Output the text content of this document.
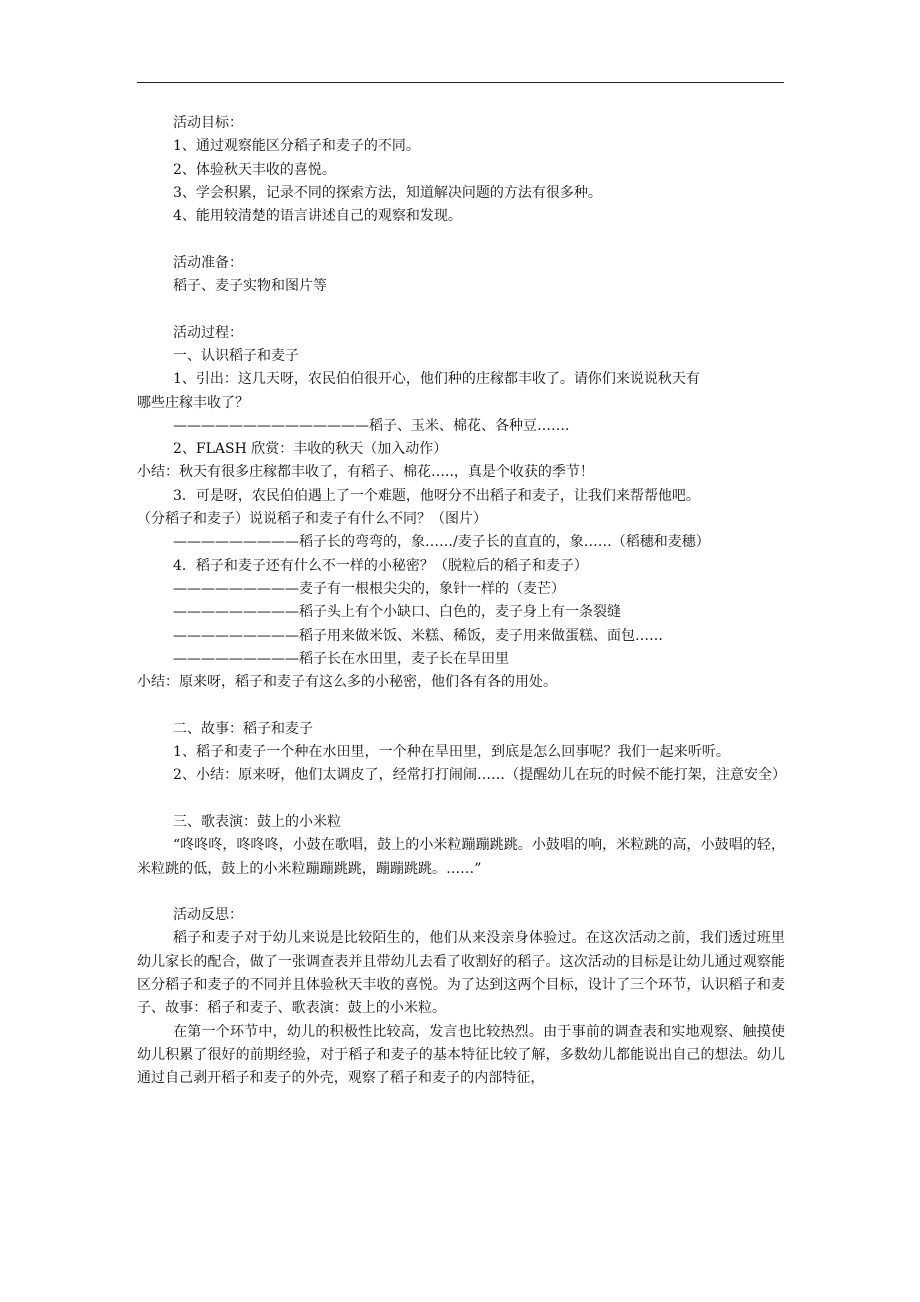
活动目标：

1、通过观察能区分稻子和麦子的不同。

2、体验秋天丰收的喜悦。

3、学会积累，记录不同的探索方法，知道解决问题的方法有很多种。

4、能用较清楚的语言讲述自己的观察和发现。

活动准备：

稻子、麦子实物和图片等

活动过程：

一、认识稻子和麦子

1、引出：这几天呀，农民伯伯很开心，他们种的庄稼都丰收了。请你们来说说秋天有

哪些庄稼丰收了？

——————————————稻子、玉米、棉花、各种豆…….

2、FLASH 欣赏：丰收的秋天（加入动作）

小结：秋天有很多庄稼都丰收了，有稻子、棉花…..，真是个收获的季节！

3．可是呀，农民伯伯遇上了一个难题，他呀分不出稻子和麦子，让我们来帮帮他吧。

（分稻子和麦子）说说稻子和麦子有什么不同？（图片）

—————————稻子长的弯弯的，象……/麦子长的直直的，象……（稻穗和麦穗）

4．稻子和麦子还有什么不一样的小秘密？（脱粒后的稻子和麦子）

—————————麦子有一根根尖尖的，象针一样的（麦芒）

—————————稻子头上有个小缺口、白色的，麦子身上有一条裂缝

—————————稻子用来做米饭、米糕、稀饭，麦子用来做蛋糕、面包……

—————————稻子长在水田里，麦子长在旱田里

小结：原来呀，稻子和麦子有这么多的小秘密，他们各有各的用处。

二、故事：稻子和麦子

1、稻子和麦子一个种在水田里，一个种在旱田里，到底是怎么回事呢？我们一起来听听。

2、小结：原来呀，他们太调皮了，经常打打闹闹……（提醒幼儿在玩的时候不能打架，注意安全）

三、歌表演：鼓上的小米粒

“咚咚咚，咚咚咚，小鼓在歌唱，鼓上的小米粒蹦蹦跳跳。小鼓唱的响，米粒跳的高，小鼓唱的轻，米粒跳的低，鼓上的小米粒蹦蹦跳跳，蹦蹦跳跳。……”

活动反思：

稻子和麦子对于幼儿来说是比较陌生的，他们从来没亲身体验过。在这次活动之前，我们透过班里幼儿家长的配合，做了一张调查表并且带幼儿去看了收割好的稻子。这次活动的目标是让幼儿通过观察能区分稻子和麦子的不同并且体验秋天丰收的喜悦。为了达到这两个目标，设计了三个环节，认识稻子和麦子、故事：稻子和麦子、歌表演：鼓上的小米粒。

在第一个环节中，幼儿的积极性比较高，发言也比较热烈。由于事前的调查表和实地观察、触摸使幼儿积累了很好的前期经验，对于稻子和麦子的基本特征比较了解，多数幼儿都能说出自己的想法。幼儿通过自己剥开稻子和麦子的外壳，观察了稻子和麦子的内部特征，
